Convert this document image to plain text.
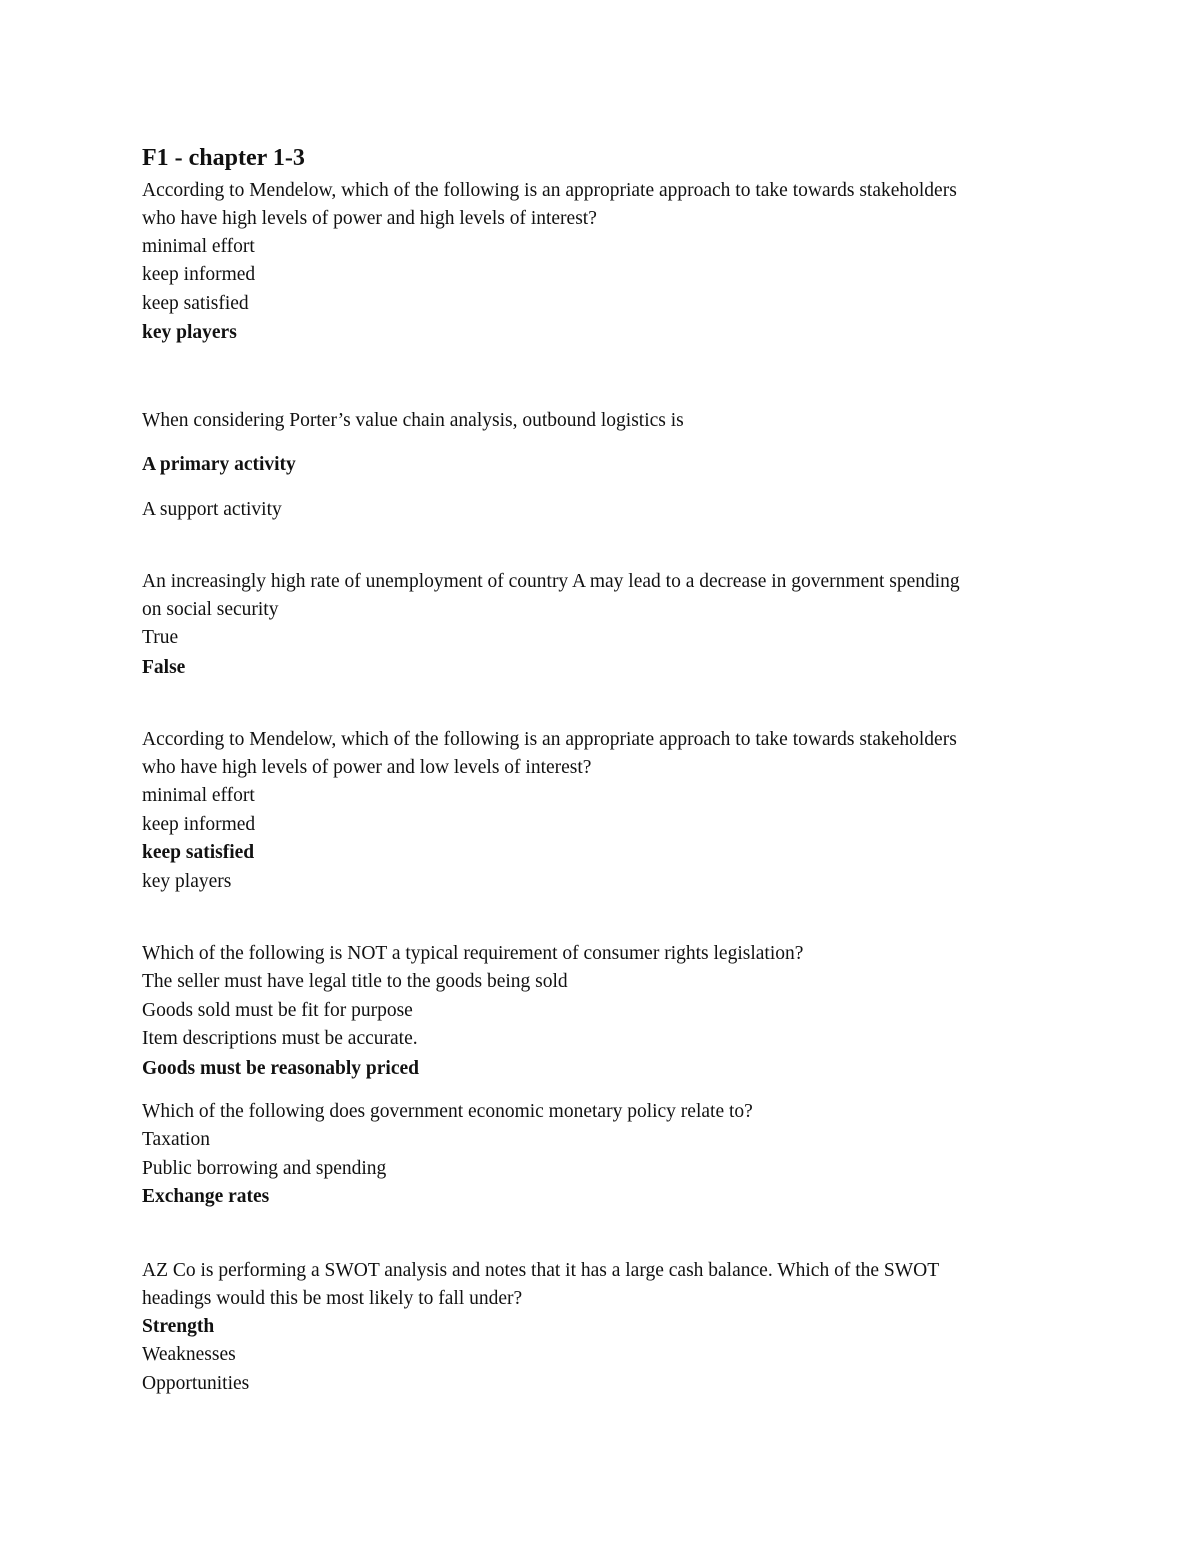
F1 - chapter 1-3
According to Mendelow, which of the following is an appropriate approach to take towards stakeholders
who have high levels of power and high levels of interest?
minimal effort
keep informed
keep satisfied
key players
When considering Porter’s value chain analysis, outbound logistics is
A primary activity
A support activity
An increasingly high rate of unemployment of country A may lead to a decrease in government spending
on social security
True
False
According to Mendelow, which of the following is an appropriate approach to take towards stakeholders
who have high levels of power and low levels of interest?
minimal effort
keep informed
keep satisfied
key players
Which of the following is NOT a typical requirement of consumer rights legislation?
The seller must have legal title to the goods being sold
Goods sold must be fit for purpose
Item descriptions must be accurate.
Goods must be reasonably priced
Which of the following does government economic monetary policy relate to?
Taxation
Public borrowing and spending
Exchange rates
AZ Co is performing a SWOT analysis and notes that it has a large cash balance. Which of the SWOT
headings would this be most likely to fall under?
Strength
Weaknesses
Opportunities
